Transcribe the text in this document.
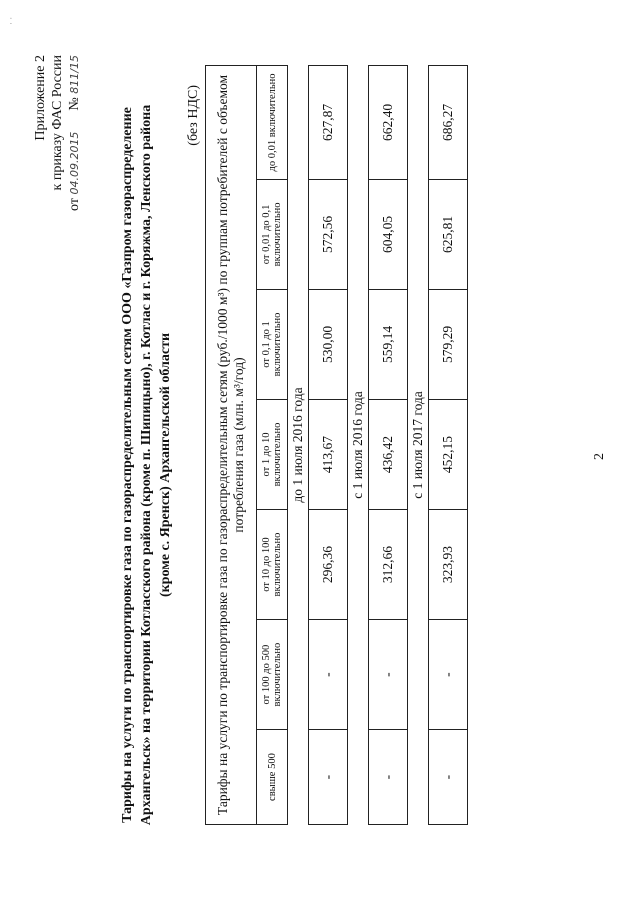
· ·
Приложение 2 к приказу ФАС России
от 04.09.2015      № 811/15
Тарифы на услуги по транспортировке газа по газораспределительным сетям ООО «Газпром газораспределение Архангельск» на территории Котласского района (кроме п. Шипицыно), г. Котлас и г. Коряжма, Ленского района (кроме с. Яренск) Архангельской области
(без НДС) Тарифы на услуги по транспортировке газа по газораспределительным сетям (руб./1000 м³) по группам потребителей с объемом потребления газа (млн. м³/год)						
свыше 500	от 100 до 500 включительно	от 10 до 100 включительно	от 1 до 10 включительно	от 0,1 до 1 включительно	от 0,01 до 0,1 включительно	до 0,01 включительно
до 1 июля 2016 года						
-	-	296,36	413,67	530,00	572,56	627,87
с 1 июля 2016 года						
-	-	312,66	436,42	559,14	604,05	662,40
с 1 июля 2017 года						
-	-	323,93	452,15	579,29	625,81	686,27
2
